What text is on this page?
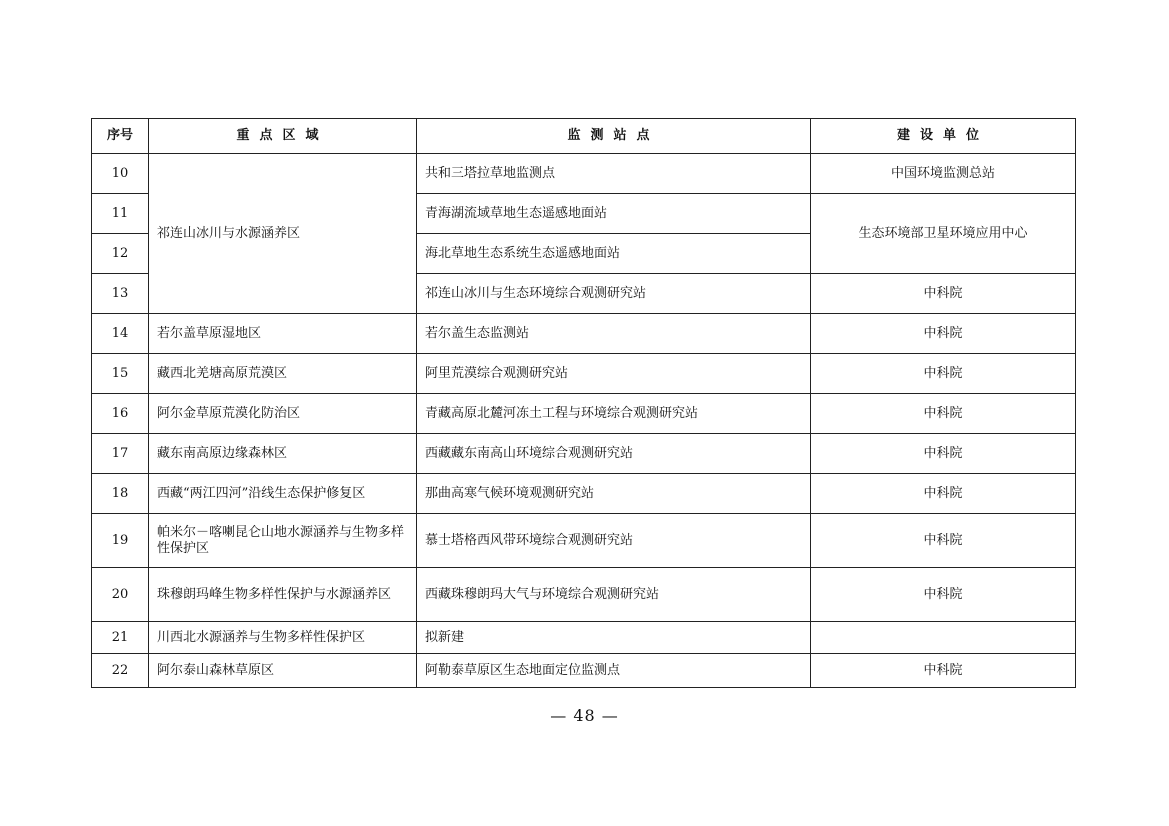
序号	重点区域	监测站点	建设单位
10	祁连山冰川与水源涵养区	共和三塔拉草地监测点	中国环境监测总站
11		青海湖流域草地生态遥感地面站	生态环境部卫星环境应用中心
12		海北草地生态系统生态遥感地面站	
13		祁连山冰川与生态环境综合观测研究站	中科院
14	若尔盖草原湿地区	若尔盖生态监测站	中科院
15	藏西北羌塘高原荒漠区	阿里荒漠综合观测研究站	中科院
16	阿尔金草原荒漠化防治区	青藏高原北麓河冻土工程与环境综合观测研究站	中科院
17	藏东南高原边缘森林区	西藏藏东南高山环境综合观测研究站	中科院
18	西藏“两江四河”沿线生态保护修复区	那曲高寒气候环境观测研究站	中科院
19	帕米尔－喀喇昆仑山地水源涵养与生物多样性保护区	慕士塔格西风带环境综合观测研究站	中科院
20	珠穆朗玛峰生物多样性保护与水源涵养区	西藏珠穆朗玛大气与环境综合观测研究站	中科院
21	川西北水源涵养与生物多样性保护区	拟新建	
22	阿尔泰山森林草原区	阿勒泰草原区生态地面定位监测点	中科院
— 48 —
